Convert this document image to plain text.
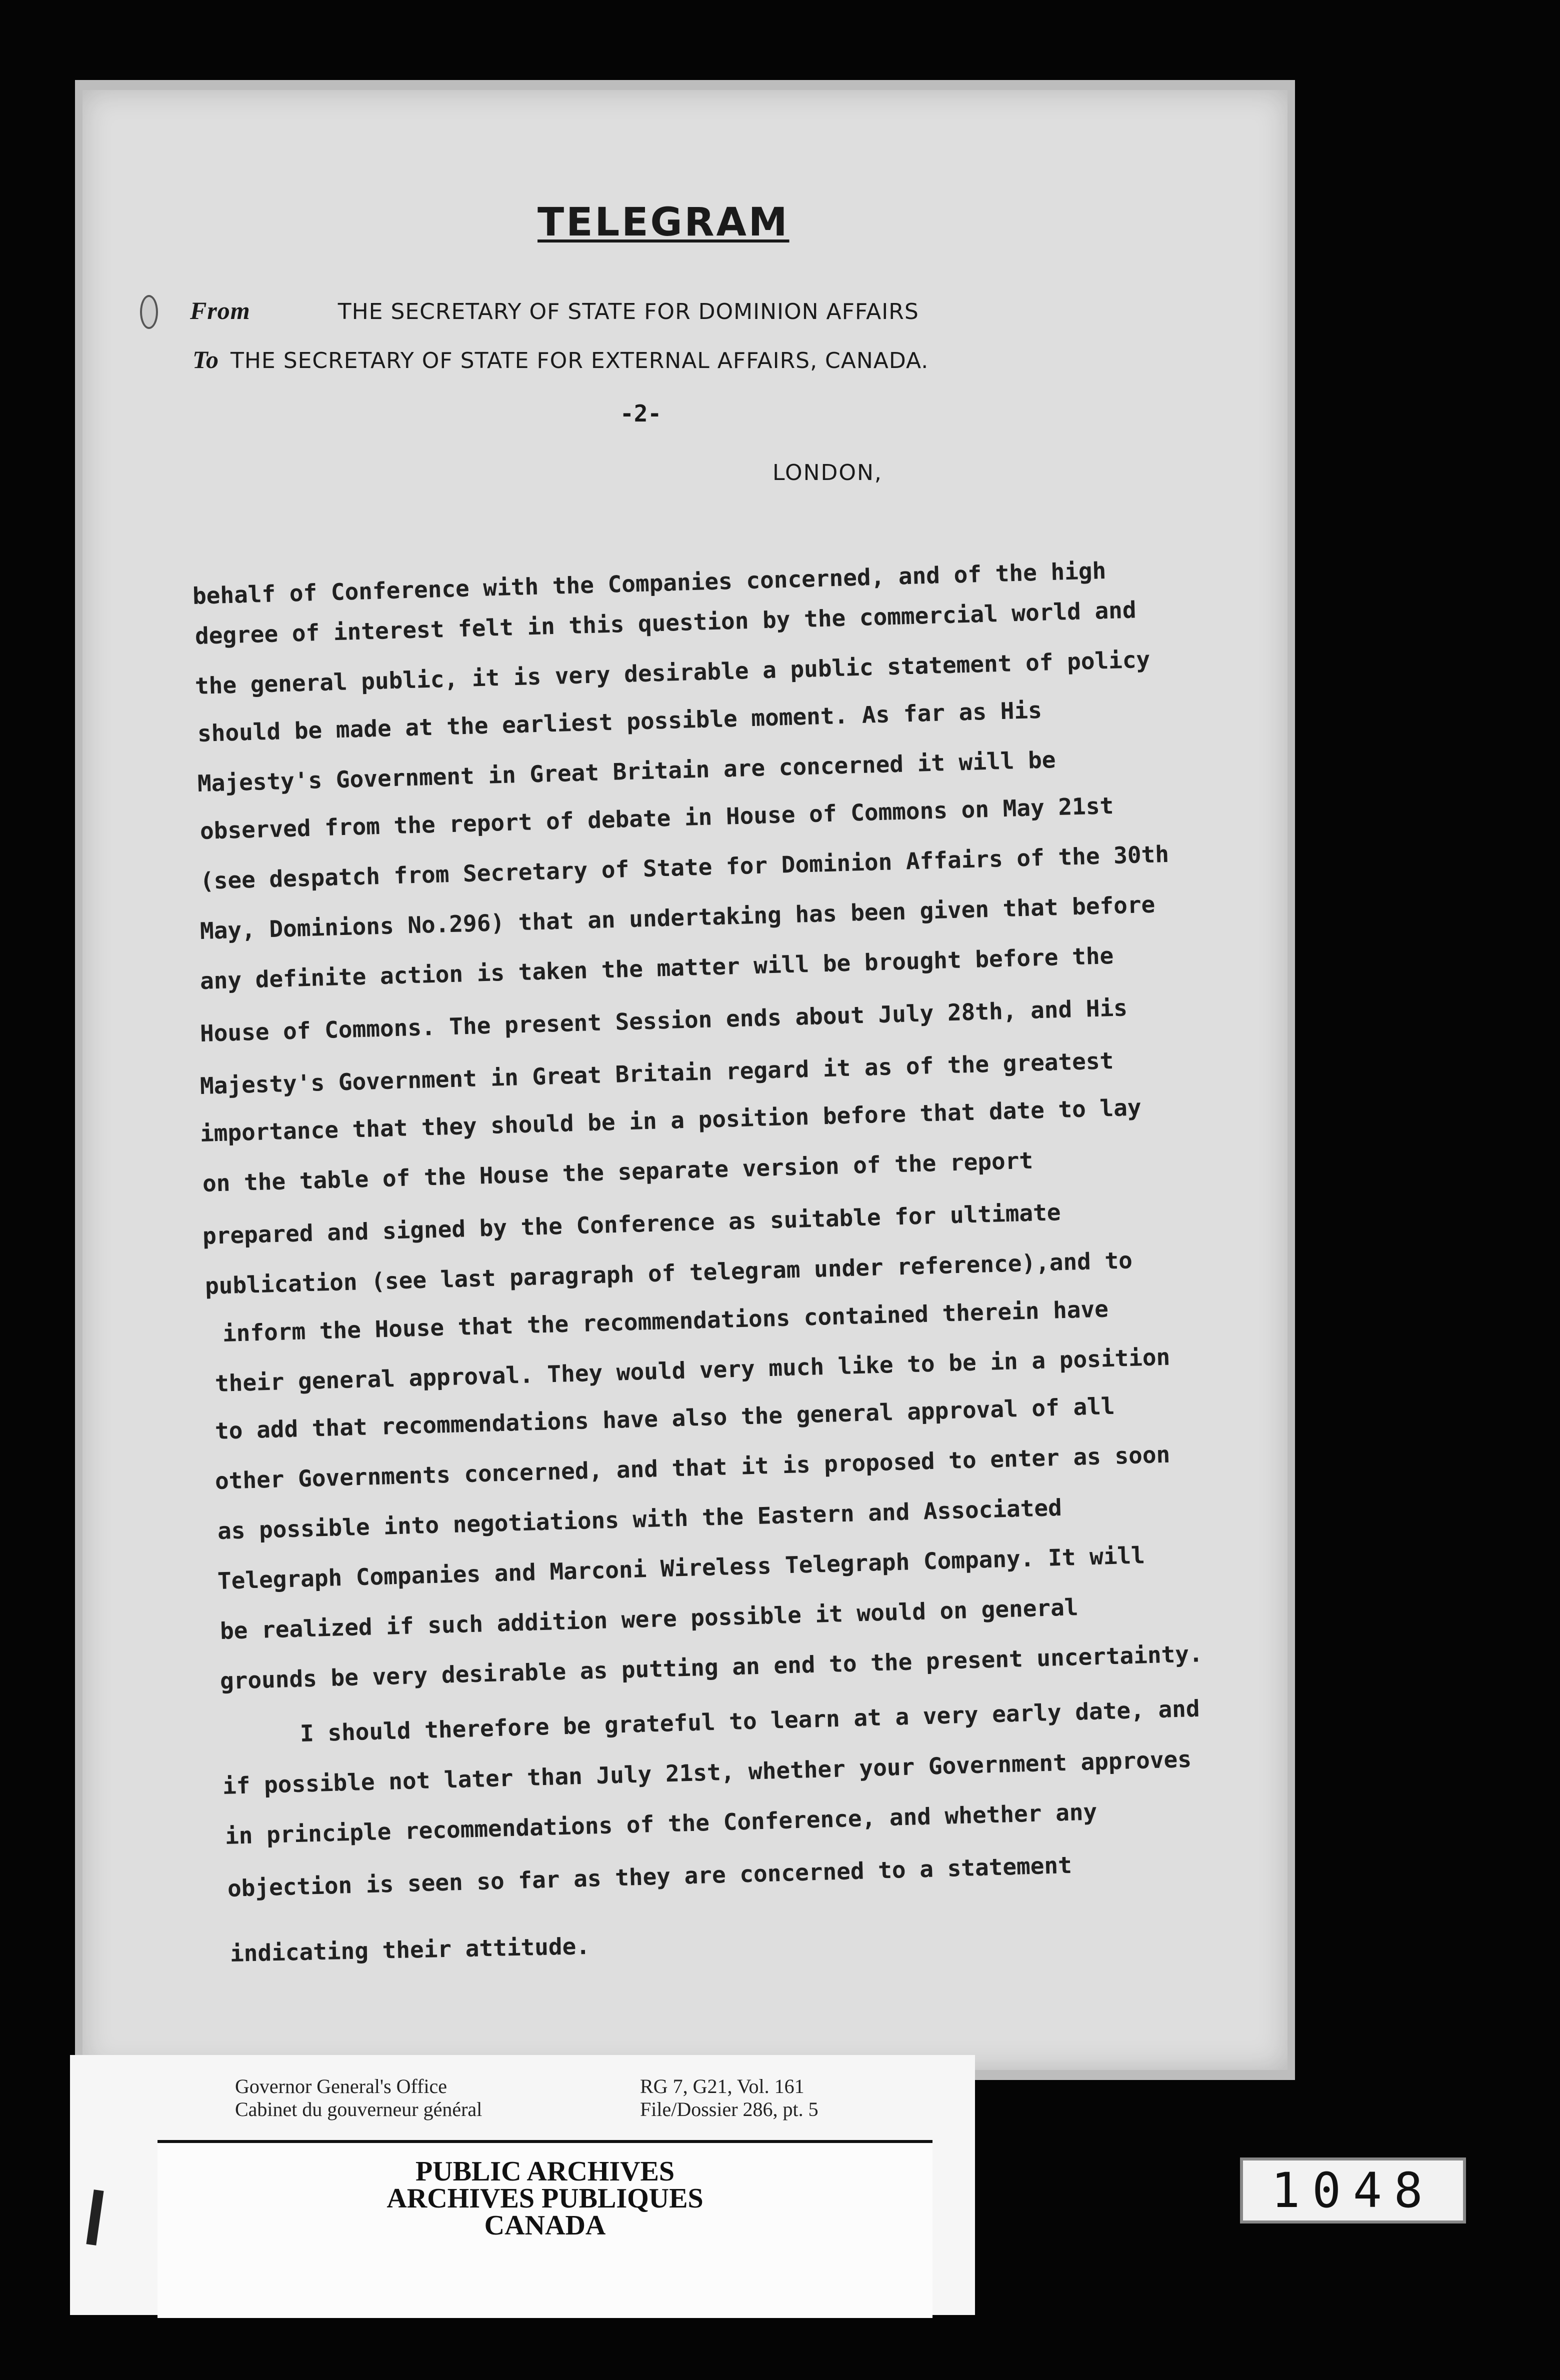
TELEGRAM
From	THE SECRETARY OF STATE FOR DOMINION AFFAIRS
To THE SECRETARY OF STATE FOR EXTERNAL AFFAIRS, CANADA.
-2-
LONDON,
behalf of Conference with the Companies concerned, and of the high
degree of interest felt in this question by the commercial world and
the general public, it is very desirable a public statement of policy
should be made at the earliest possible moment. As far as His
Majesty's Government in Great Britain are concerned it will be
observed from the report of debate in House of Commons on May 21st
(see despatch from Secretary of State for Dominion Affairs of the 30th
May, Dominions No.296) that an undertaking has been given that before
any definite action is taken the matter will be brought before the
House of Commons. The present Session ends about July 28th, and His
Majesty's Government in Great Britain regard it as of the greatest
importance that they should be in a position before that date to lay
on the table of the House the separate version of the report
prepared and signed by the Conference as suitable for ultimate
publication (see last paragraph of telegram under reference),and to
inform the House that the recommendations contained therein have
their general approval. They would very much like to be in a position
to add that recommendations have also the general approval of all
other Governments concerned, and that it is proposed to enter as soon
as possible into negotiations with the Eastern and Associated
Telegraph Companies and Marconi Wireless Telegraph Company. It will
be realized if such addition were possible it would on general
grounds be very desirable as putting an end to the present uncertainty.
I should therefore be grateful to learn at a very early date, and
if possible not later than July 21st, whether your Government approves
in principle recommendations of the Conference, and whether any
objection is seen so far as they are concerned to a statement
indicating their attitude.
Governor General's Office
Cabinet du gouverneur général
RG 7, G21, Vol. 161
File/Dossier 286, pt. 5
PUBLIC ARCHIVES
ARCHIVES PUBLIQUES
CANADA
1048
